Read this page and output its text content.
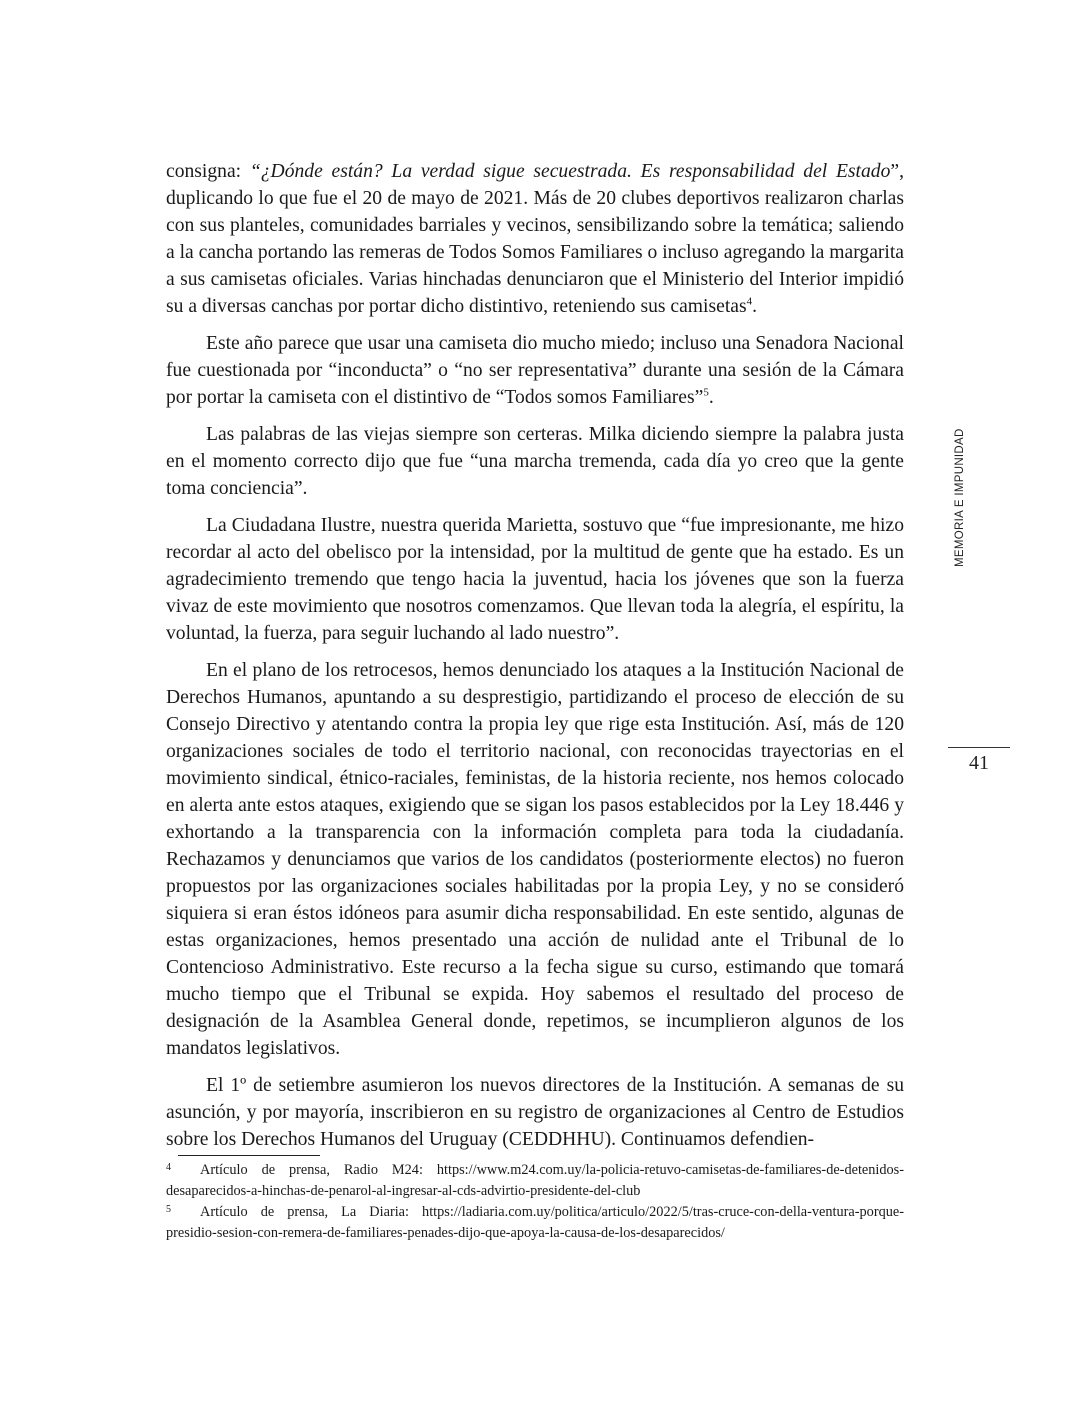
consigna: “¿Dónde están? La verdad sigue secuestrada. Es responsabilidad del Estado”, duplicando lo que fue el 20 de mayo de 2021. Más de 20 clubes deportivos realizaron charlas con sus planteles, comunidades barriales y vecinos, sensibilizando sobre la temática; saliendo a la cancha portando las remeras de Todos Somos Familiares o incluso agregando la margarita a sus camisetas oficiales. Varias hinchadas denunciaron que el Ministerio del Interior impidió su a diversas canchas por portar dicho distintivo, reteniendo sus camisetas$^4$.

Este año parece que usar una camiseta dio mucho miedo; incluso una Senadora Nacional fue cuestionada por “inconducta” o “no ser representativa” durante una sesión de la Cámara por portar la camiseta con el distintivo de “Todos somos Familiares”$^5$.

Las palabras de las viejas siempre son certeras. Milka diciendo siempre la palabra justa en el momento correcto dijo que fue “una marcha tremenda, cada día yo creo que la gente toma conciencia”.

La Ciudadana Ilustre, nuestra querida Marietta, sostuvo que “fue impresionante, me hizo recordar al acto del obelisco por la intensidad, por la multitud de gente que ha estado. Es un agradecimiento tremendo que tengo hacia la juventud, hacia los jóvenes que son la fuerza vivaz de este movimiento que nosotros comenzamos. Que llevan toda la alegría, el espíritu, la voluntad, la fuerza, para seguir luchando al lado nuestro”.

En el plano de los retrocesos, hemos denunciado los ataques a la Institución Nacional de Derechos Humanos, apuntando a su desprestigio, partidizando el proceso de elección de su Consejo Directivo y atentando contra la propia ley que rige esta Institución. Así, más de 120 organizaciones sociales de todo el territorio nacional, con reconocidas trayectorias en el movimiento sindical, étnico-raciales, feministas, de la historia reciente, nos hemos colocado en alerta ante estos ataques, exigiendo que se sigan los pasos establecidos por la Ley 18.446 y exhortando a la transparencia con la información completa para toda la ciudadanía. Rechazamos y denunciamos que varios de los candidatos (posteriormente electos) no fueron propuestos por las organizaciones sociales habilitadas por la propia Ley, y no se consideró siquiera si eran éstos idóneos para asumir dicha responsabilidad. En este sentido, algunas de estas organizaciones, hemos presentado una acción de nulidad ante el Tribunal de lo Contencioso Administrativo. Este recurso a la fecha sigue su curso, estimando que tomará mucho tiempo que el Tribunal se expida. Hoy sabemos el resultado del proceso de designación de la Asamblea General donde, repetimos, se incumplieron algunos de los mandatos legislativos.

El 1º de setiembre asumieron los nuevos directores de la Institución. A semanas de su asunción, y por mayoría, inscribieron en su registro de organizaciones al Centro de Estudios sobre los Derechos Humanos del Uruguay (CEDDHHU). Continuamos defendien-

MEMORIA E IMPUNIDAD
41

4 Artículo de prensa, Radio M24: https://www.m24.com.uy/la-policia-retuvo-camisetas-de-familiares-de-detenidos-desaparecidos-a-hinchas-de-penarol-al-ingresar-al-cds-advirtio-presidente-del-club

5 Artículo de prensa, La Diaria: https://ladiaria.com.uy/politica/articulo/2022/5/tras-cruce-con-della-ventura-porque-presidio-sesion-con-remera-de-familiares-penades-dijo-que-apoya-la-causa-de-los-desaparecidos/
